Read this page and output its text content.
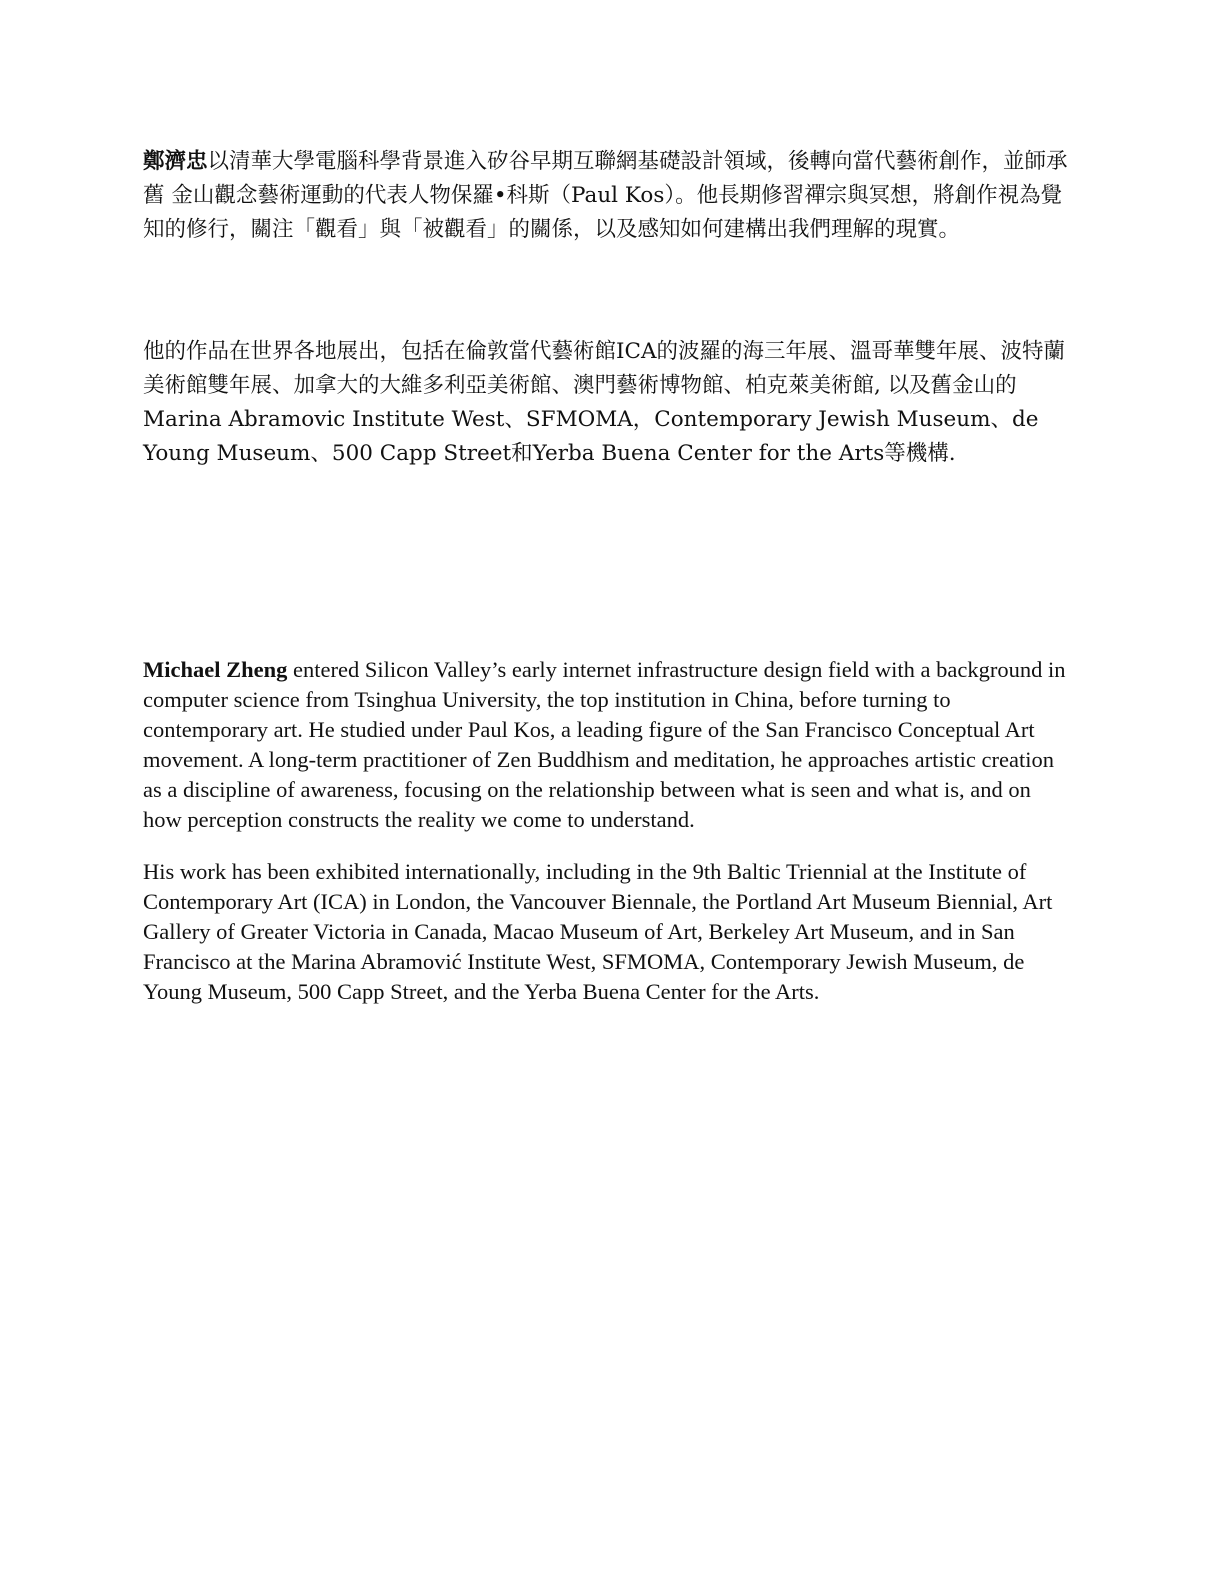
鄭濟忠以清華大學電腦科學背景進入矽谷早期互聯網基礎設計領域，後轉向當代藝術創作，並師承舊 金山觀念藝術運動的代表人物保羅•科斯（Paul Kos）。他長期修習禪宗與冥想，將創作視為覺知的修行，關注「觀看」與「被觀看」的關係，以及感知如何建構出我們理解的現實。

他的作品在世界各地展出，包括在倫敦當代藝術館ICA的波羅的海三年展、溫哥華雙年展、波特蘭美術館雙年展、加拿大的大維多利亞美術館、澳門藝術博物館、柏克萊美術館, 以及舊金山的Marina Abramovic Institute West、SFMOMA，Contemporary Jewish Museum、de Young Museum、500 Capp Street和Yerba Buena Center for the Arts等機構.

Michael Zheng entered Silicon Valley’s early internet infrastructure design field with a background in computer science from Tsinghua University, the top institution in China, before turning to contemporary art. He studied under Paul Kos, a leading figure of the San Francisco Conceptual Art movement. A long-term practitioner of Zen Buddhism and meditation, he approaches artistic creation as a discipline of awareness, focusing on the relationship between what is seen and what is, and on how perception constructs the reality we come to understand.

His work has been exhibited internationally, including in the 9th Baltic Triennial at the Institute of Contemporary Art (ICA) in London, the Vancouver Biennale, the Portland Art Museum Biennial, Art Gallery of Greater Victoria in Canada, Macao Museum of Art, Berkeley Art Museum, and in San Francisco at the Marina Abramović Institute West, SFMOMA, Contemporary Jewish Museum, de Young Museum, 500 Capp Street, and the Yerba Buena Center for the Arts.
